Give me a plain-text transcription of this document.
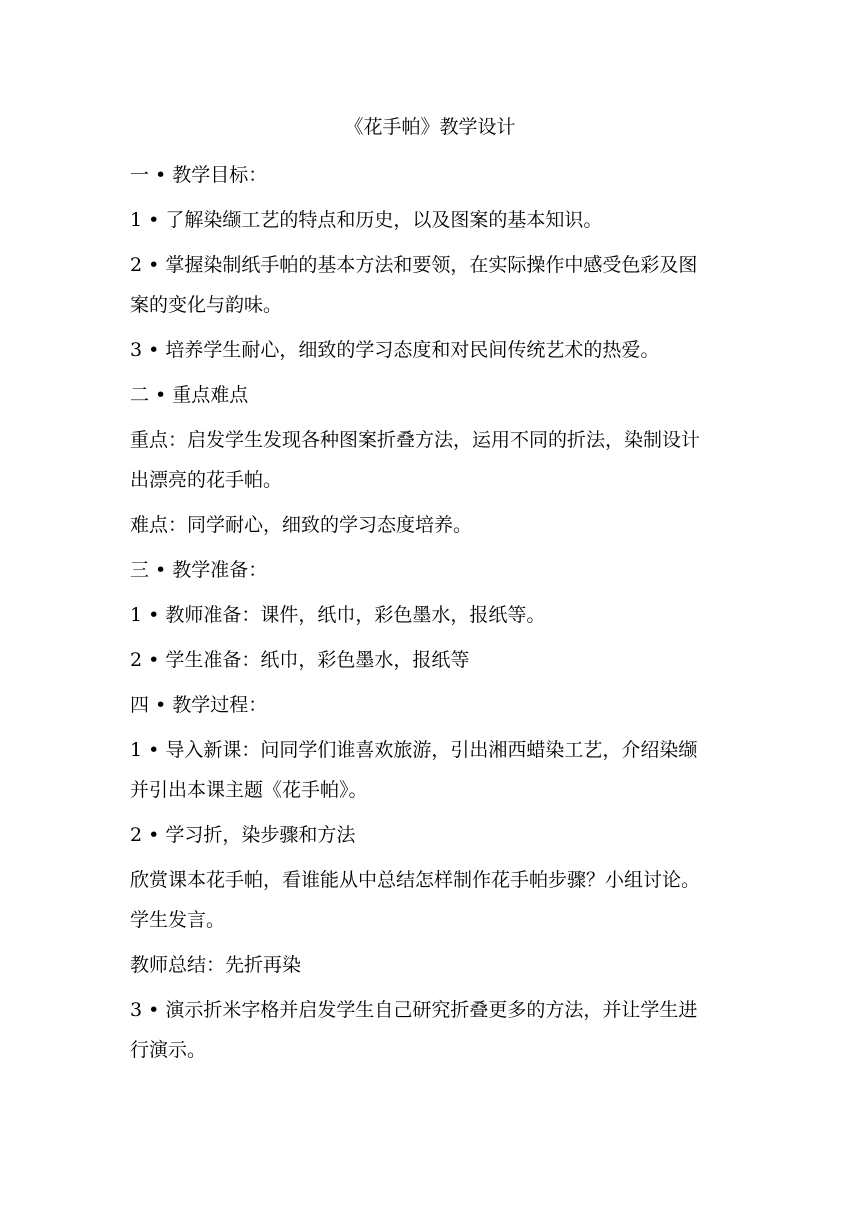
《花手帕》教学设计
一 • 教学目标：
1 • 了解染缬工艺的特点和历史，以及图案的基本知识。
2 • 掌握染制纸手帕的基本方法和要领，在实际操作中感受色彩及图
案的变化与韵味。
3 • 培养学生耐心，细致的学习态度和对民间传统艺术的热爱。
二 • 重点难点
重点：启发学生发现各种图案折叠方法，运用不同的折法，染制设计
出漂亮的花手帕。
难点：同学耐心，细致的学习态度培养。
三 • 教学准备：
1 • 教师准备：课件，纸巾，彩色墨水，报纸等。
2 • 学生准备：纸巾，彩色墨水，报纸等
四 • 教学过程：
1 • 导入新课：问同学们谁喜欢旅游，引出湘西蜡染工艺，介绍染缬
并引出本课主题《花手帕》。
2 • 学习折，染步骤和方法
欣赏课本花手帕，看谁能从中总结怎样制作花手帕步骤？小组讨论。
学生发言。
教师总结：先折再染
3 • 演示折米字格并启发学生自己研究折叠更多的方法，并让学生进
行演示。
